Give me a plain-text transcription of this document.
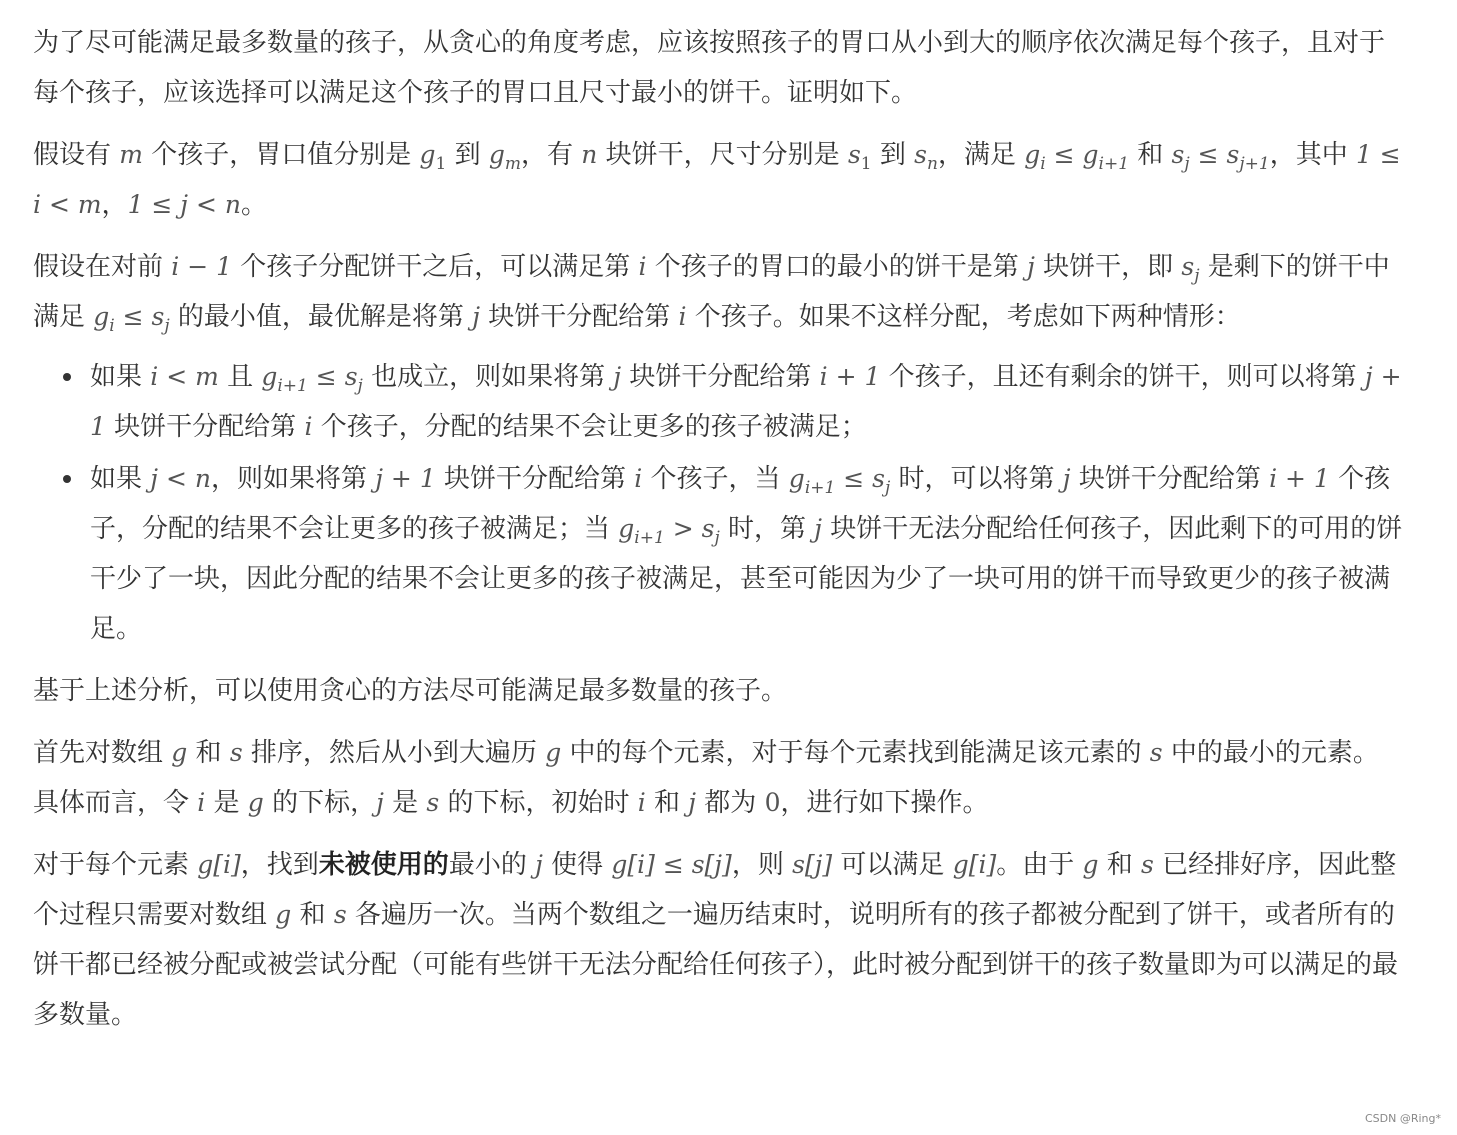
为了尽可能满足最多数量的孩子，从贪心的角度考虑，应该按照孩子的胃口从小到大的顺序依次满足每个孩子，且对于每个孩子，应该选择可以满足这个孩子的胃口且尺寸最小的饼干。证明如下。

假设有 m 个孩子，胃口值分别是 $g_1$ 到 $g_m$，有 n 块饼干，尺寸分别是 $s_1$ 到 $s_n$，满足 $g_i \le g_{i+1}$ 和 $s_j \le s_{j+1}$，其中 1 ≤ i < m，1 ≤ j < n。

假设在对前 i − 1 个孩子分配饼干之后，可以满足第 i 个孩子的胃口的最小的饼干是第 j 块饼干，即 $s_j$ 是剩下的饼干中满足 $g_i \le s_j$ 的最小值，最优解是将第 j 块饼干分配给第 i 个孩子。如果不这样分配，考虑如下两种情形：

如果 i < m 且 $g_{i+1} \le s_j$ 也成立，则如果将第 j 块饼干分配给第 i + 1 个孩子，且还有剩余的饼干，则可以将第 j + 1 块饼干分配给第 i 个孩子，分配的结果不会让更多的孩子被满足；
如果 j < n，则如果将第 j + 1 块饼干分配给第 i 个孩子，当 $g_{i+1} \le s_j$ 时，可以将第 j 块饼干分配给第 i + 1 个孩子，分配的结果不会让更多的孩子被满足；当 $g_{i+1} > s_j$ 时，第 j 块饼干无法分配给任何孩子，因此剩下的可用的饼干少了一块，因此分配的结果不会让更多的孩子被满足，甚至可能因为少了一块可用的饼干而导致更少的孩子被满足。

基于上述分析，可以使用贪心的方法尽可能满足最多数量的孩子。

首先对数组 g 和 s 排序，然后从小到大遍历 g 中的每个元素，对于每个元素找到能满足该元素的 s 中的最小的元素。具体而言，令 i 是 g 的下标，j 是 s 的下标，初始时 i 和 j 都为 0，进行如下操作。

对于每个元素 g[i]，找到未被使用的最小的 j 使得 g[i] ≤ s[j]，则 s[j] 可以满足 g[i]。由于 g 和 s 已经排好序，因此整个过程只需要对数组 g 和 s 各遍历一次。当两个数组之一遍历结束时，说明所有的孩子都被分配到了饼干，或者所有的饼干都已经被分配或被尝试分配（可能有些饼干无法分配给任何孩子），此时被分配到饼干的孩子数量即为可以满足的最多数量。

CSDN @Ring*
